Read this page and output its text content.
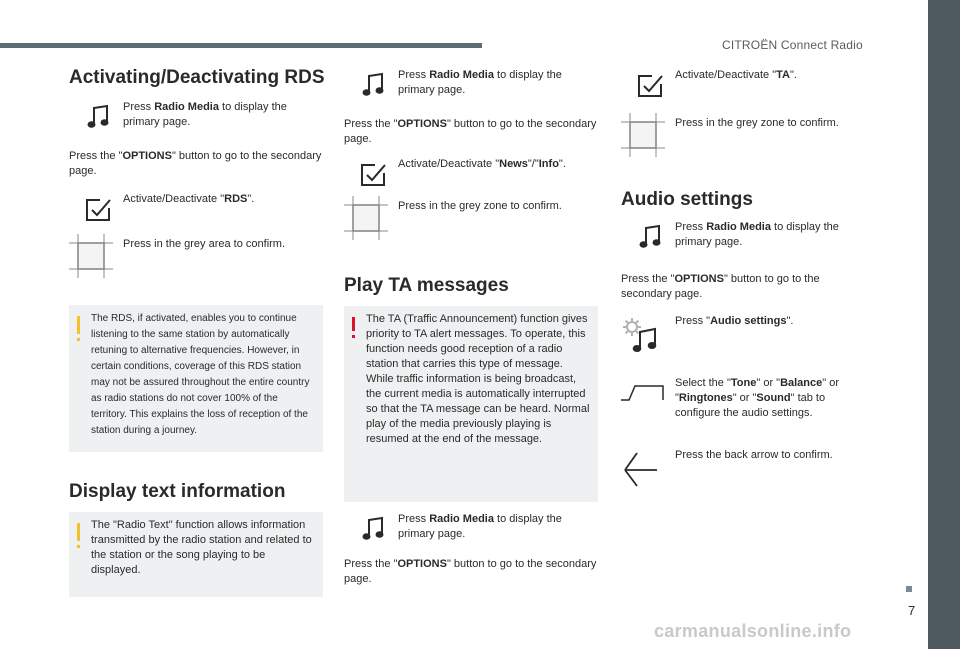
CITROËN Connect Radio
Activating/Deactivating RDS
Press Radio Media to display the primary page.
Press the "OPTIONS" button to go to the secondary page.
Activate/Deactivate "RDS".
Press in the grey area to confirm.
The RDS, if activated, enables you to continue listening to the same station by automatically retuning to alternative frequencies. However, in certain conditions, coverage of this RDS station may not be assured throughout the entire country as radio stations do not cover 100% of the territory. This explains the loss of reception of the station during a journey.
Display text information
The "Radio Text" function allows information transmitted by the radio station and related to the station or the song playing to be displayed.
Press Radio Media to display the primary page.
Press the "OPTIONS" button to go to the secondary page.
Activate/Deactivate "News"/"Info".
Press in the grey zone to confirm.
Play TA messages
The TA (Traffic Announcement) function gives priority to TA alert messages. To operate, this function needs good reception of a radio station that carries this type of message. While traffic information is being broadcast, the current media is automatically interrupted so that the TA message can be heard. Normal play of the media previously playing is resumed at the end of the message.
Press Radio Media to display the primary page.
Press the "OPTIONS" button to go to the secondary page.
Activate/Deactivate "TA".
Press in the grey zone to confirm.
Audio settings
Press Radio Media to display the primary page.
Press the "OPTIONS" button to go to the secondary page.
Press "Audio settings".
Select the "Tone" or "Balance" or "Ringtones" or "Sound" tab to configure the audio settings.
Press the back arrow to confirm.
7
carmanualsonline.info
